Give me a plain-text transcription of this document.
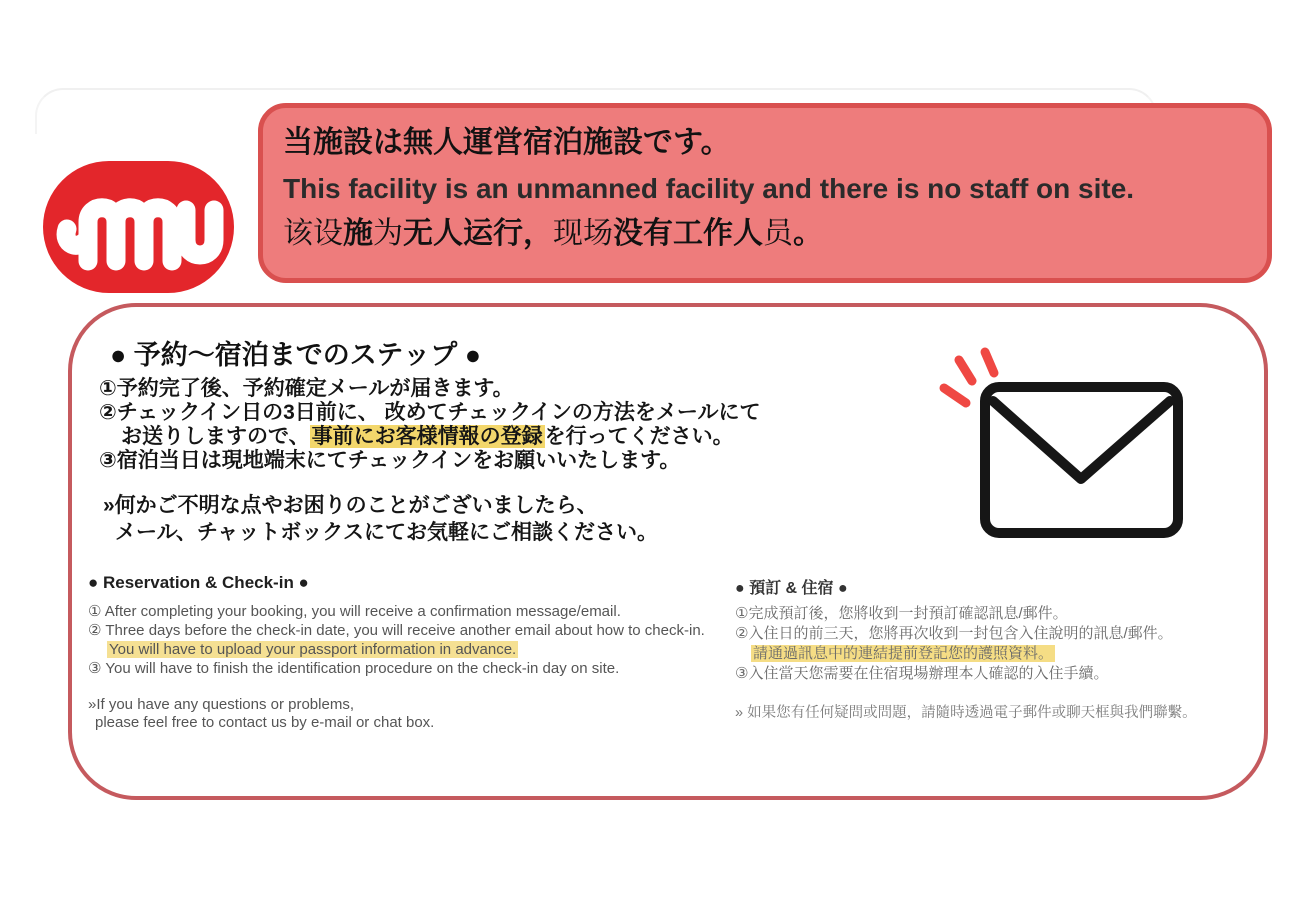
当施設は無人運営宿泊施設です。
This facility is an unmanned facility and there is no staff on site.
该设施为无人运行，现场没有工作人员。
● 予約～宿泊までのステップ ●
①予約完了後、予約確定メールが届きます。
②チェックイン日の3日前に、 改めてチェックインの方法をメールにて
お送りしますので、事前にお客様情報の登録を行ってください。
③宿泊当日は現地端末にてチェックインをお願いいたします。
»何かご不明な点やお困りのことがございましたら、
メール、チャットボックスにてお気軽にご相談ください。
● Reservation & Check-in ●
① After completing your booking, you will receive a confirmation message/email.
② Three days before the check-in date, you will receive another email about how to check-in.
You will have to upload your passport information in advance.
③ You will have to finish the identification procedure on the check-in day on site.
»If you have any questions or problems,
please feel free to contact us by e-mail or chat box.
● 預訂 & 住宿 ●
①完成預訂後，您將收到一封預訂確認訊息/郵件。
②入住日的前三天，您將再次收到一封包含入住說明的訊息/郵件。
請通過訊息中的連結提前登記您的護照資料。
③入住當天您需要在住宿現場辦理本人確認的入住手續。
» 如果您有任何疑問或問題，請隨時透過電子郵件或聊天框與我們聯繫。
